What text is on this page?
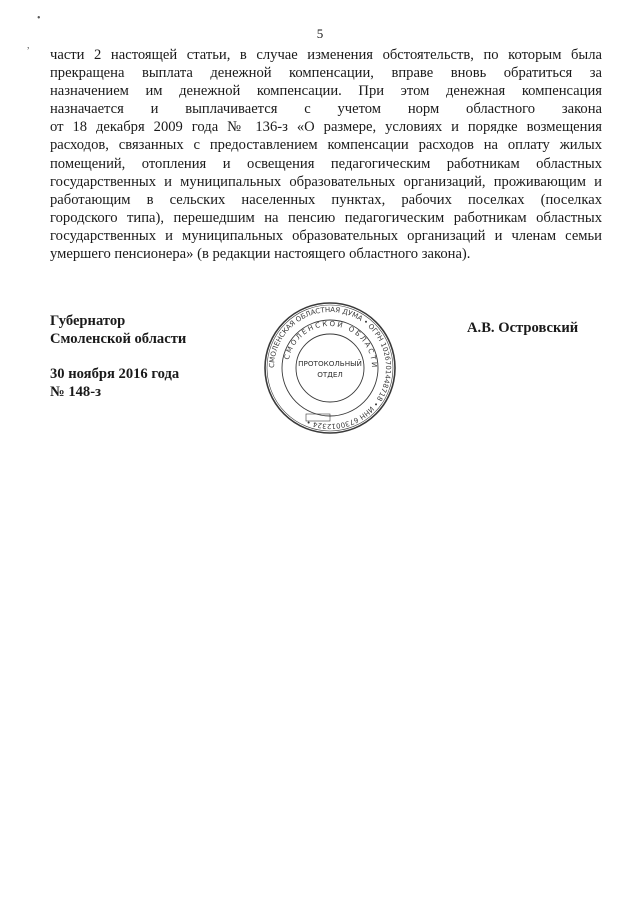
•
,
5
части 2 настоящей статьи, в случае изменения обстоятельств, по которым была
прекращена выплата денежной компенсации, вправе вновь обратиться за
назначением им денежной компенсации. При этом денежная компенсация
назначается и выплачивается с учетом норм областного закона
от 18 декабря 2009 года № 136-з «О размере, условиях и порядке возмещения
расходов, связанных с предоставлением компенсации расходов на оплату жилых
помещений, отопления и освещения педагогическим работникам областных
государственных и муниципальных образовательных организаций, проживающим и
работающим в сельских населенных пунктах, рабочих поселках (поселках
городского типа), перешедшим на пенсию педагогическим работникам областных
государственных и муниципальных образовательных организаций и членам семьи
умершего пенсионера» (в редакции настоящего областного закона).
Губернатор
Смоленской области
А.В. Островский
30 ноября 2016 года
№ 148-з
СМОЛЕНСКАЯ ОБЛАСТНАЯ ДУМА • ОГРН 1026701448718 • ИНН 6730012324 •
СМОЛЕНСКОЙ ОБЛАСТИ
ПРОТОКОЛЬНЫЙ
ОТДЕЛ
